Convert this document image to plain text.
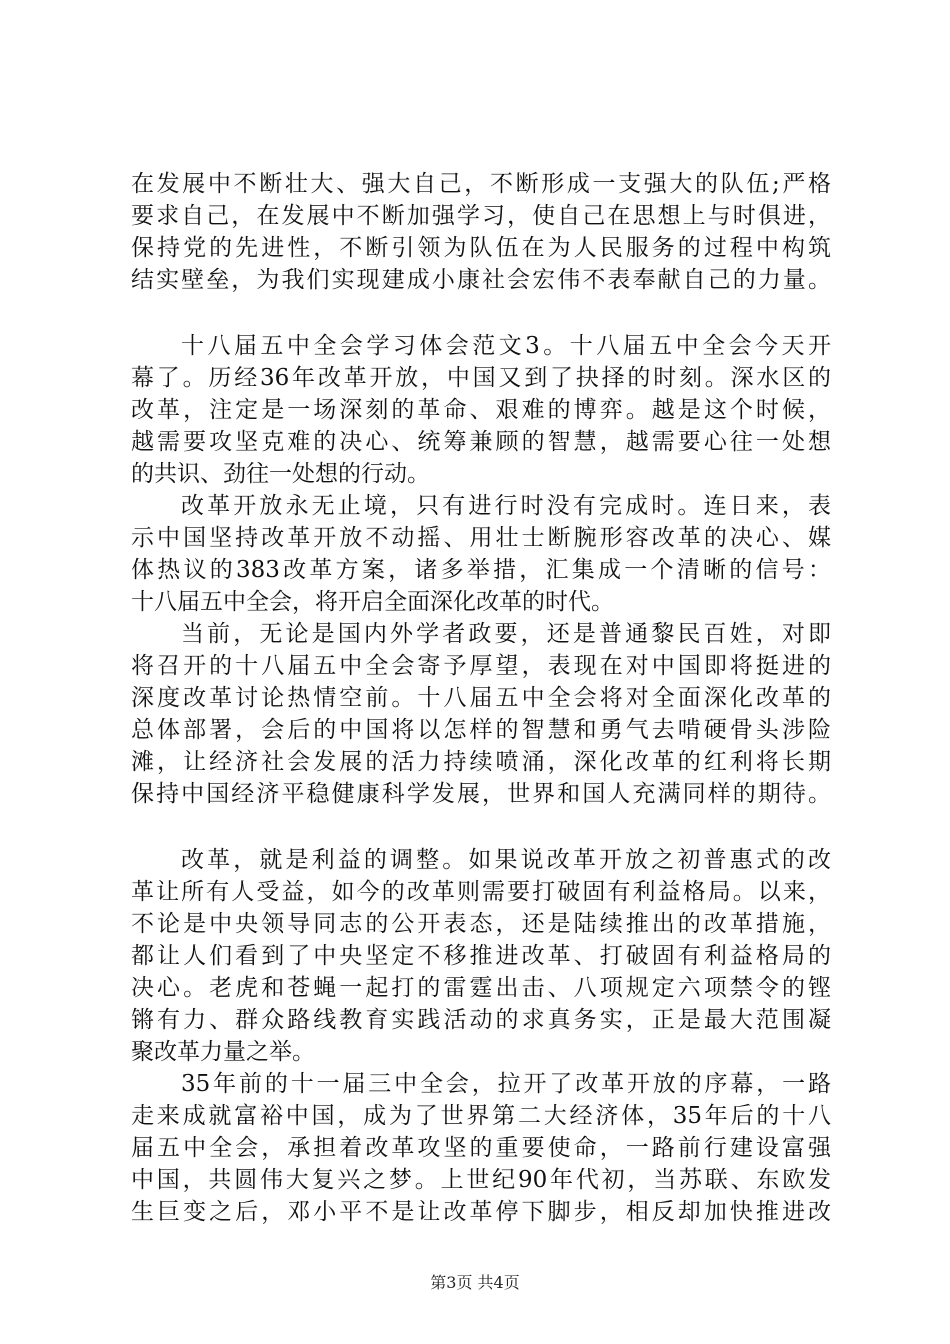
在发展中不断壮大、强大自己，不断形成一支强大的队伍;严格
要求自己，在发展中不断加强学习，使自己在思想上与时俱进，
保持党的先进性，不断引领为队伍在为人民服务的过程中构筑
结实壁垒，为我们实现建成小康社会宏伟不表奉献自己的力量。
十八届五中全会学习体会范文3。十八届五中全会今天开
幕了。历经36年改革开放，中国又到了抉择的时刻。深水区的
改革，注定是一场深刻的革命、艰难的博弈。越是这个时候，
越需要攻坚克难的决心、统筹兼顾的智慧，越需要心往一处想
的共识、劲往一处想的行动。
改革开放永无止境，只有进行时没有完成时。连日来，表
示中国坚持改革开放不动摇、用壮士断腕形容改革的决心、媒
体热议的383改革方案，诸多举措，汇集成一个清晰的信号：
十八届五中全会，将开启全面深化改革的时代。
当前，无论是国内外学者政要，还是普通黎民百姓，对即
将召开的十八届五中全会寄予厚望，表现在对中国即将挺进的
深度改革讨论热情空前。十八届五中全会将对全面深化改革的
总体部署，会后的中国将以怎样的智慧和勇气去啃硬骨头涉险
滩，让经济社会发展的活力持续喷涌，深化改革的红利将长期
保持中国经济平稳健康科学发展，世界和国人充满同样的期待。
改革，就是利益的调整。如果说改革开放之初普惠式的改
革让所有人受益，如今的改革则需要打破固有利益格局。以来，
不论是中央领导同志的公开表态，还是陆续推出的改革措施，
都让人们看到了中央坚定不移推进改革、打破固有利益格局的
决心。老虎和苍蝇一起打的雷霆出击、八项规定六项禁令的铿
锵有力、群众路线教育实践活动的求真务实，正是最大范围凝
聚改革力量之举。
35年前的十一届三中全会，拉开了改革开放的序幕，一路
走来成就富裕中国，成为了世界第二大经济体，35年后的十八
届五中全会，承担着改革攻坚的重要使命，一路前行建设富强
中国，共圆伟大复兴之梦。上世纪90年代初，当苏联、东欧发
生巨变之后，邓小平不是让改革停下脚步，相反却加快推进改
第3页 共4页
